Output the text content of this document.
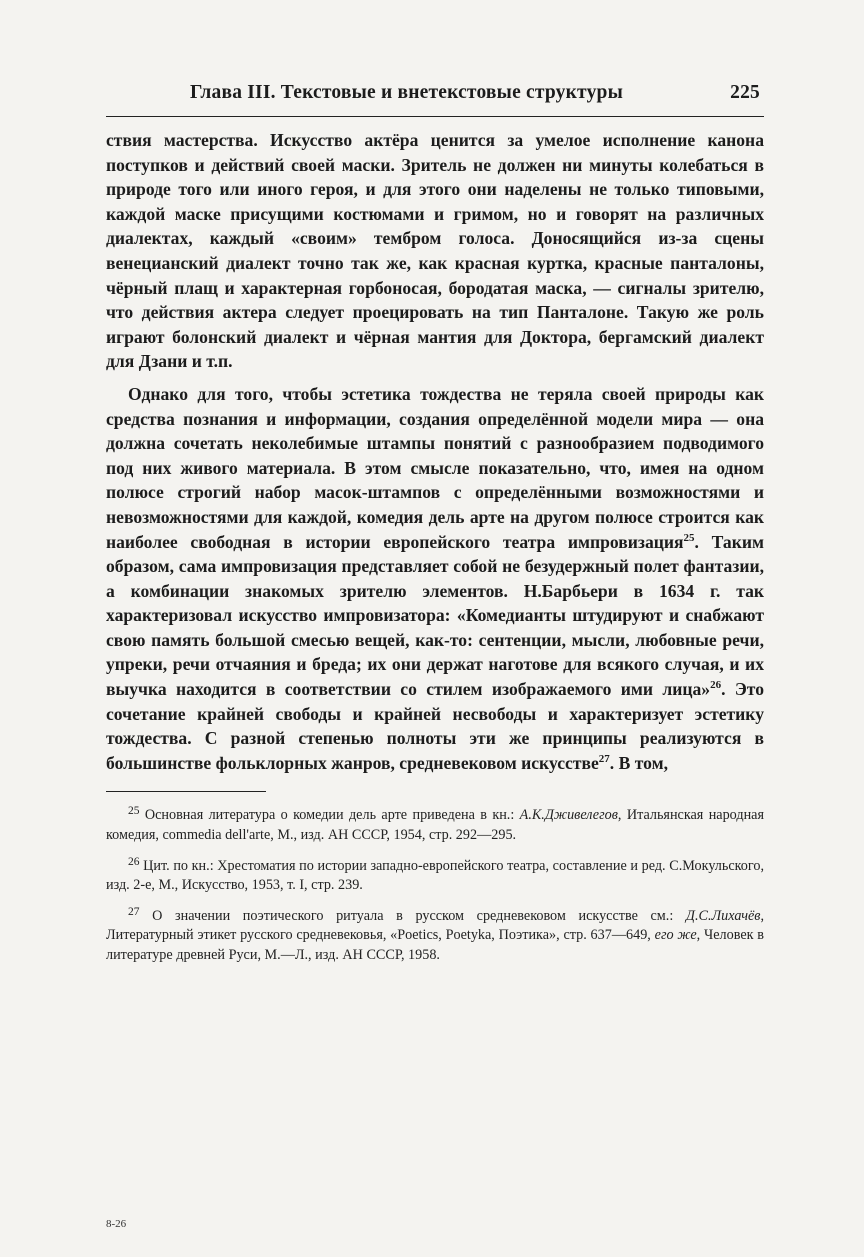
Глава III. Текстовые и внетекстовые структуры	225

ствия мастерства. Искусство актёра ценится за умелое исполнение канона поступков и действий своей маски. Зритель не должен ни минуты колебаться в природе того или иного героя, и для этого они наделены не только типовыми, каждой маске присущими костюмами и гримом, но и говорят на различных диалектах, каждый «своим» тембром голоса. Доносящийся из-за сцены венецианский диалект точно так же, как красная куртка, красные панталоны, чёрный плащ и характерная горбоносая, бородатая маска, — сигналы зрителю, что действия актера следует проецировать на тип Панталоне. Такую же роль играют болонский диалект и чёрная мантия для Доктора, бергамский диалект для Дзани и т.п.

Однако для того, чтобы эстетика тождества не теряла своей природы как средства познания и информации, создания определённой модели мира — она должна сочетать неколебимые штампы понятий с разнообразием подводимого под них живого материала. В этом смысле показательно, что, имея на одном полюсе строгий набор масок-штампов с определёнными возможностями и невозможностями для каждой, комедия дель арте на другом полюсе строится как наиболее свободная в истории европейского театра импровизация$^{25}$. Таким образом, сама импровизация представляет собой не безудержный полет фантазии, а комбинации знакомых зрителю элементов. Н.Барбьери в 1634 г. так характеризовал искусство импровизатора: «Комедианты штудируют и снабжают свою память большой смесью вещей, как-то: сентенции, мысли, любовные речи, упреки, речи отчаяния и бреда; их они держат наготове для всякого случая, и их выучка находится в соответствии со стилем изображаемого ими лица»$^{26}$. Это сочетание крайней свободы и крайней несвободы и характеризует эстетику тождества. С разной степенью полноты эти же принципы реализуются в большинстве фольклорных жанров, средневековом искусстве$^{27}$. В том,

$^{25}$ Основная литература о комедии дель арте приведена в кн.: А.К.Дживелегов, Итальянская народная комедия, commedia dell'arte, М., изд. АН СССР, 1954, стр. 292—295.

$^{26}$ Цит. по кн.: Хрестоматия по истории западно-европейского театра, составление и ред. С.Мокульского, изд. 2-е, М., Искусство, 1953, т. I, стр. 239.

$^{27}$ О значении поэтического ритуала в русском средневековом искусстве см.: Д.С.Лихачёв, Литературный этикет русского средневековья, «Poetics, Poetyka, Поэтика», стр. 637—649, его же, Человек в литературе древней Руси, М.—Л., изд. АН СССР, 1958.

8-26
